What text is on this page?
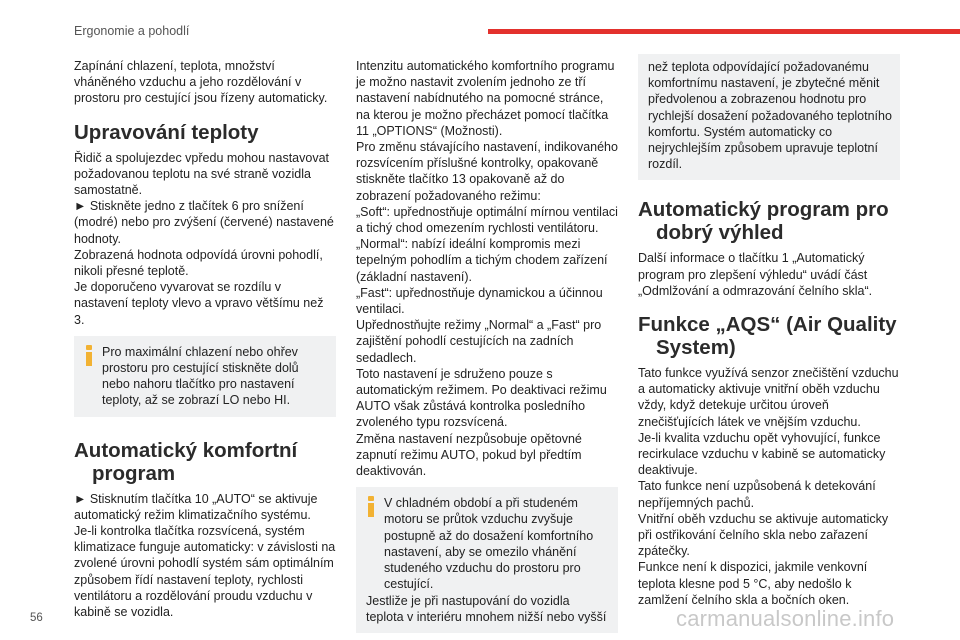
Ergonomie a pohodlí

Zapínání chlazení, teplota, množství vháněného vzduchu a jeho rozdělování v prostoru pro cestující jsou řízeny automaticky.

Upravování teploty

Řidič a spolujezdec vpředu mohou nastavovat požadovanou teplotu na své straně vozidla samostatně.

► Stiskněte jedno z tlačítek 6 pro snížení (modré) nebo pro zvýšení (červené) nastavené hodnoty.

Zobrazená hodnota odpovídá úrovni pohodlí, nikoli přesné teplotě.

Je doporučeno vyvarovat se rozdílu v nastavení teploty vlevo a vpravo většímu než 3.

Pro maximální chlazení nebo ohřev prostoru pro cestující stiskněte dolů nebo nahoru tlačítko pro nastavení teploty, až se zobrazí LO nebo HI.

Automatický komfortní program

► Stisknutím tlačítka 10 „AUTO“ se aktivuje automatický režim klimatizačního systému.

Je-li kontrolka tlačítka rozsvícená, systém klimatizace funguje automaticky: v závislosti na zvolené úrovni pohodlí systém sám optimálním způsobem řídí nastavení teploty, rychlosti ventilátoru a rozdělování proudu vzduchu v kabině se vozidla.

Intenzitu automatického komfortního programu je možno nastavit zvolením jednoho ze tří nastavení nabídnutého na pomocné stránce, na kterou je možno přecházet pomocí tlačítka 11 „OPTIONS“ (Možnosti).

Pro změnu stávajícího nastavení, indikovaného rozsvícením příslušné kontrolky, opakovaně stiskněte tlačítko 13 opakovaně až do zobrazení požadovaného režimu:

„Soft“: upřednostňuje optimální mírnou ventilaci a tichý chod omezením rychlosti ventilátoru.

„Normal“: nabízí ideální kompromis mezi tepelným pohodlím a tichým chodem zařízení (základní nastavení).

„Fast“: upřednostňuje dynamickou a účinnou ventilaci.

Upřednostňujte režimy „Normal“ a „Fast“ pro zajištění pohodlí cestujících na zadních sedadlech.

Toto nastavení je sdruženo pouze s automatickým režimem. Po deaktivaci režimu AUTO však zůstává kontrolka posledního zvoleného typu rozsvícená.

Změna nastavení nezpůsobuje opětovné zapnutí režimu AUTO, pokud byl předtím deaktivován.

V chladném období a při studeném motoru se průtok vzduchu zvyšuje postupně až do dosažení komfortního nastavení, aby se omezilo vhánění studeného vzduchu do prostoru pro cestující.

Jestliže je při nastupování do vozidla teplota v interiéru mnohem nižší nebo vyšší

než teplota odpovídající požadovanému komfortnímu nastavení, je zbytečné měnit předvolenou a zobrazenou hodnotu pro rychlejší dosažení požadovaného teplotního komfortu. Systém automaticky co nejrychlejším způsobem upravuje teplotní rozdíl.

Automatický program pro dobrý výhled

Další informace o tlačítku 1 „Automatický program pro zlepšení výhledu“ uvádí část „Odmlžování a odmrazování čelního skla“.

Funkce „AQS“ (Air Quality System)

Tato funkce využívá senzor znečištění vzduchu a automaticky aktivuje vnitřní oběh vzduchu vždy, když detekuje určitou úroveň znečišťujících látek ve vnějším vzduchu.

Je-li kvalita vzduchu opět vyhovující, funkce recirkulace vzduchu v kabině se automaticky deaktivuje.

Tato funkce není uzpůsobená k detekování nepříjemných pachů.

Vnitřní oběh vzduchu se aktivuje automaticky při ostřikování čelního skla nebo zařazení zpátečky.

Funkce není k dispozici, jakmile venkovní teplota klesne pod 5 °C, aby nedošlo k zamlžení čelního skla a bočních oken.

56	carmanualsonline.info
